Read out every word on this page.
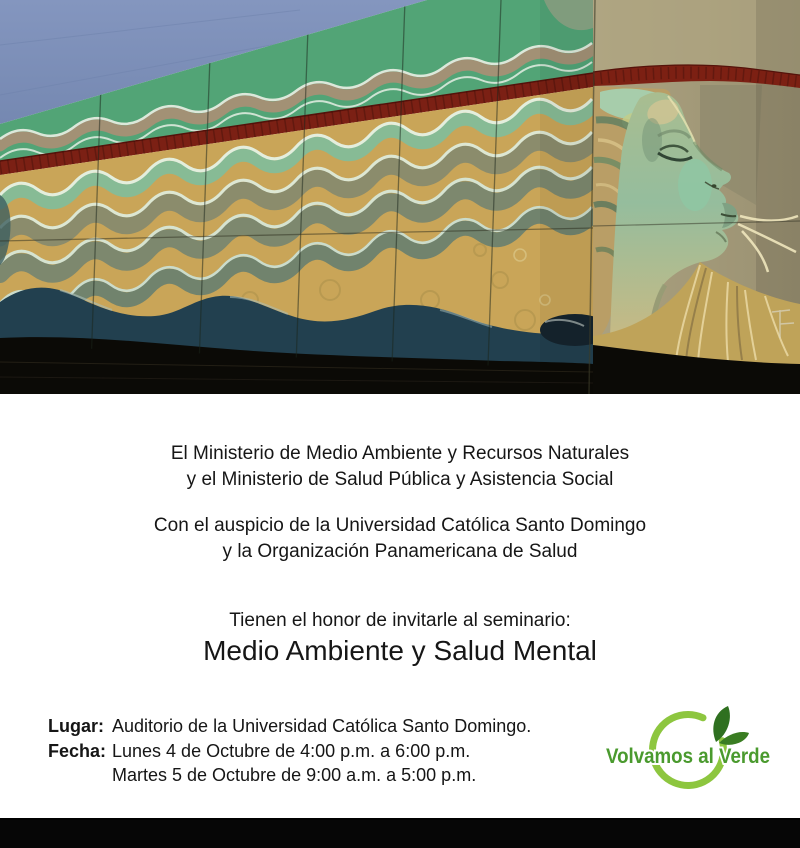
El Ministerio de Medio Ambiente y Recursos Naturales
y el Ministerio de Salud Pública y Asistencia Social
Con el auspicio de la Universidad Católica Santo Domingo
y la Organización Panamericana de Salud
Tienen el honor de invitarle al seminario:
Medio Ambiente y Salud Mental
Lugar: Auditorio de la Universidad Católica Santo Domingo.
Fecha: Lunes 4 de Octubre de 4:00 p.m. a 6:00 p.m.
Martes 5 de Octubre de 9:00 a.m. a 5:00 p.m.
Volvamos al Verde
